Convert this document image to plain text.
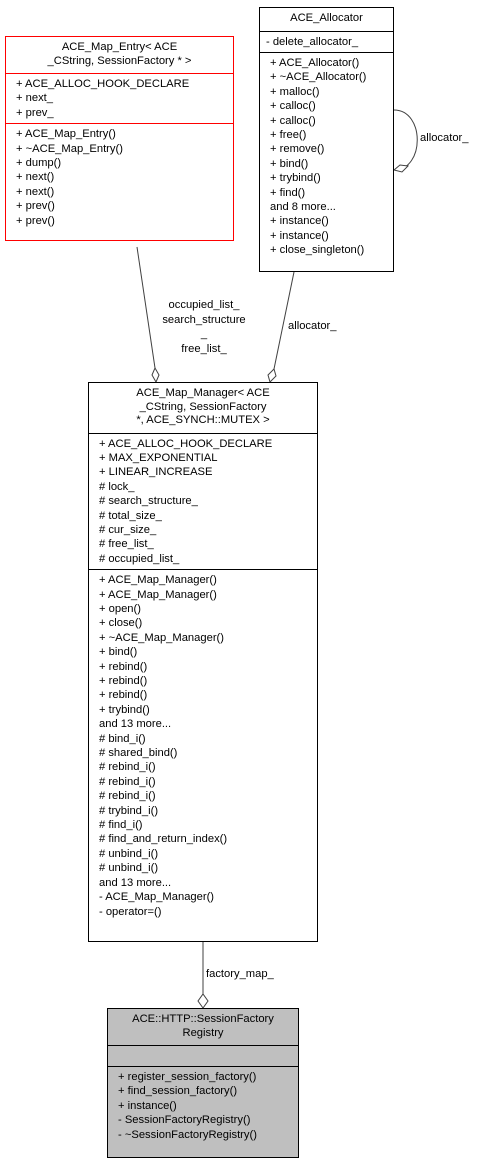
ACE_Map_Entry< ACE
_CString, SessionFactory * >
+ ACE_ALLOC_HOOK_DECLARE
+ next_
+ prev_
+ ACE_Map_Entry()
+ ~ACE_Map_Entry()
+ dump()
+ next()
+ next()
+ prev()
+ prev()
ACE_Allocator
- delete_allocator_
+ ACE_Allocator()
+ ~ACE_Allocator()
+ malloc()
+ calloc()
+ calloc()
+ free()
+ remove()
+ bind()
+ trybind()
+ find()
and 8 more...
+ instance()
+ instance()
+ close_singleton()
ACE_Map_Manager< ACE
_CString, SessionFactory
*, ACE_SYNCH::MUTEX >
+ ACE_ALLOC_HOOK_DECLARE
+ MAX_EXPONENTIAL
+ LINEAR_INCREASE
# lock_
# search_structure_
# total_size_
# cur_size_
# free_list_
# occupied_list_
+ ACE_Map_Manager()
+ ACE_Map_Manager()
+ open()
+ close()
+ ~ACE_Map_Manager()
+ bind()
+ rebind()
+ rebind()
+ rebind()
+ trybind()
and 13 more...
# bind_i()
# shared_bind()
# rebind_i()
# rebind_i()
# rebind_i()
# trybind_i()
# find_i()
# find_and_return_index()
# unbind_i()
# unbind_i()
and 13 more...
- ACE_Map_Manager()
- operator=()
ACE::HTTP::SessionFactory
Registry
+ register_session_factory()
+ find_session_factory()
+ instance()
- SessionFactoryRegistry()
- ~SessionFactoryRegistry()
allocator_
occupied_list_
search_structure
_
free_list_
allocator_
factory_map_
